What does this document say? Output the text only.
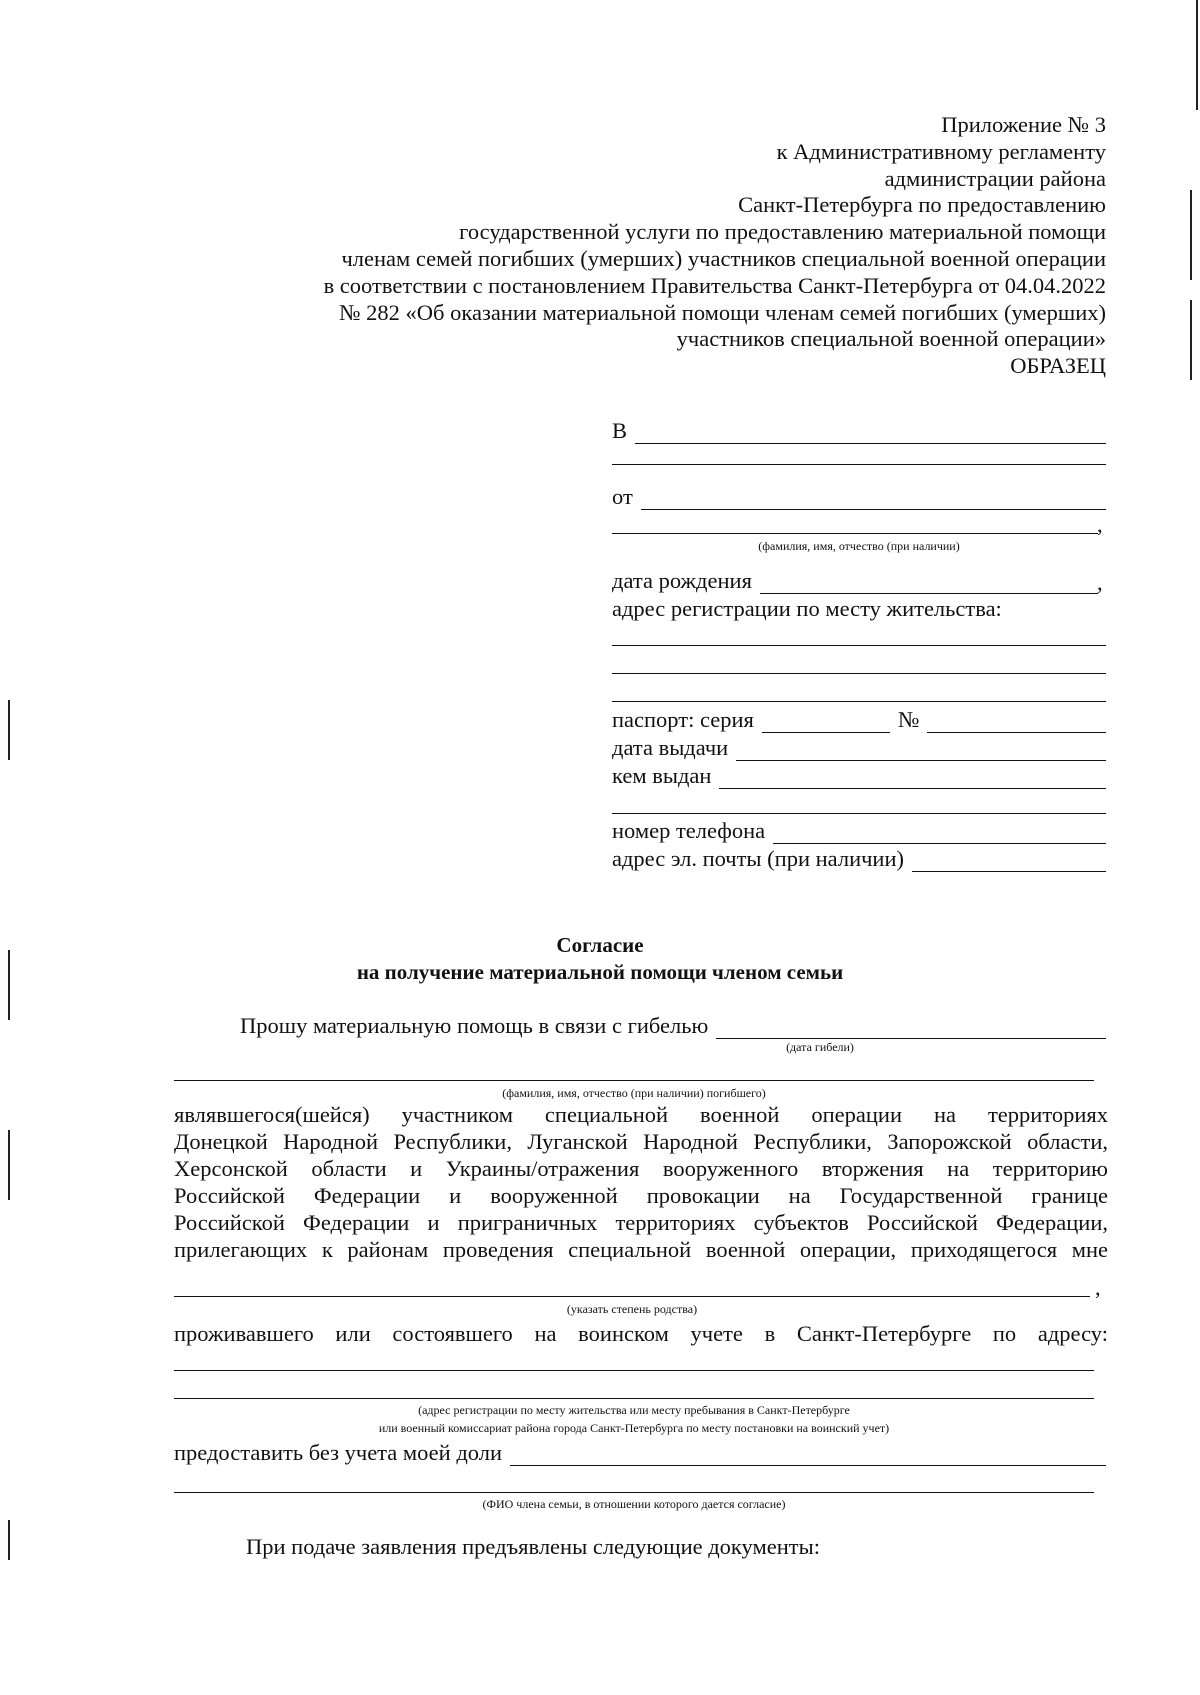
Приложение № 3
к Административному регламенту
администрации района
Санкт-Петербурга по предоставлению
государственной услуги по предоставлению материальной помощи
членам семей погибших (умерших) участников специальной военной операции
в соответствии с постановлением Правительства Санкт-Петербурга от 04.04.2022
№ 282 «Об оказании материальной помощи членам семей погибших (умерших)
участников специальной военной операции»
ОБРАЗЕЦ
В
от
,
(фамилия, имя, отчество (при наличии)
дата рождения	,
адрес регистрации по месту жительства:
паспорт: серия	№
дата выдачи
кем выдан
номер телефона
адрес эл. почты (при наличии)
Согласие
на получение материальной помощи членом семьи
Прошу материальную помощь в связи с гибелью
(дата гибели)
(фамилия, имя, отчество (при наличии) погибшего)
являвшегося(шейся) участником специальной военной операции на территориях
Донецкой Народной Республики, Луганской Народной Республики, Запорожской области,
Херсонской области и Украины/отражения вооруженного вторжения на территорию
Российской Федерации и вооруженной провокации на Государственной границе
Российской Федерации и приграничных территориях субъектов Российской Федерации,
прилегающих к районам проведения специальной военной операции, приходящегося мне
,
(указать степень родства)
проживавшего или состоявшего на воинском учете в Санкт-Петербурге по адресу:
(адрес регистрации по месту жительства или месту пребывания в Санкт-Петербурге
или военный комиссариат района города Санкт-Петербурга по месту постановки на воинский учет)
предоставить без учета моей доли
(ФИО члена семьи, в отношении которого дается согласие)
При подаче заявления предъявлены следующие документы:
